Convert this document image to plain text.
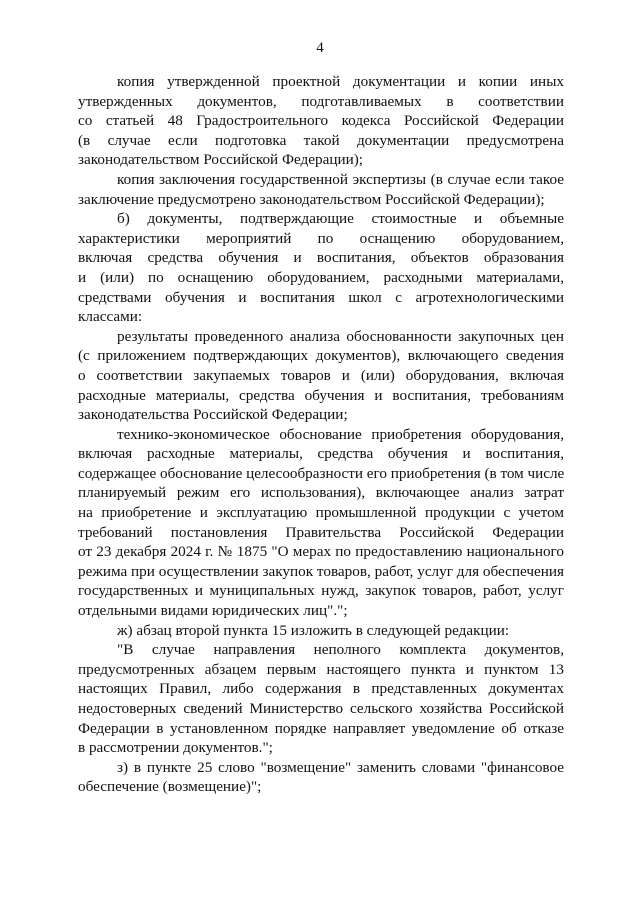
4
копия утвержденной проектной документации и копии иных
утвержденных документов, подготавливаемых в соответствии
со статьей 48 Градостроительного кодекса Российской Федерации
(в случае если подготовка такой документации предусмотрена
законодательством Российской Федерации);
копия заключения государственной экспертизы (в случае если такое
заключение предусмотрено законодательством Российской Федерации);
б) документы, подтверждающие стоимостные и объемные
характеристики мероприятий по оснащению оборудованием,
включая средства обучения и воспитания, объектов образования
и (или) по оснащению оборудованием, расходными материалами,
средствами обучения и воспитания школ с агротехнологическими
классами:
результаты проведенного анализа обоснованности закупочных цен
(с приложением подтверждающих документов), включающего сведения
о соответствии закупаемых товаров и (или) оборудования, включая
расходные материалы, средства обучения и воспитания, требованиям
законодательства Российской Федерации;
технико-экономическое обоснование приобретения оборудования,
включая расходные материалы, средства обучения и воспитания,
содержащее обоснование целесообразности его приобретения (в том числе
планируемый режим его использования), включающее анализ затрат
на приобретение и эксплуатацию промышленной продукции с учетом
требований постановления Правительства Российской Федерации
от 23 декабря 2024 г. № 1875 "О мерах по предоставлению национального
режима при осуществлении закупок товаров, работ, услуг для обеспечения
государственных и муниципальных нужд, закупок товаров, работ, услуг
отдельными видами юридических лиц".";
ж) абзац второй пункта 15 изложить в следующей редакции:
"В случае направления неполного комплекта документов,
предусмотренных абзацем первым настоящего пункта и пунктом 13
настоящих Правил, либо содержания в представленных документах
недостоверных сведений Министерство сельского хозяйства Российской
Федерации в установленном порядке направляет уведомление об отказе
в рассмотрении документов.";
з) в пункте 25 слово "возмещение" заменить словами "финансовое
обеспечение (возмещение)";
